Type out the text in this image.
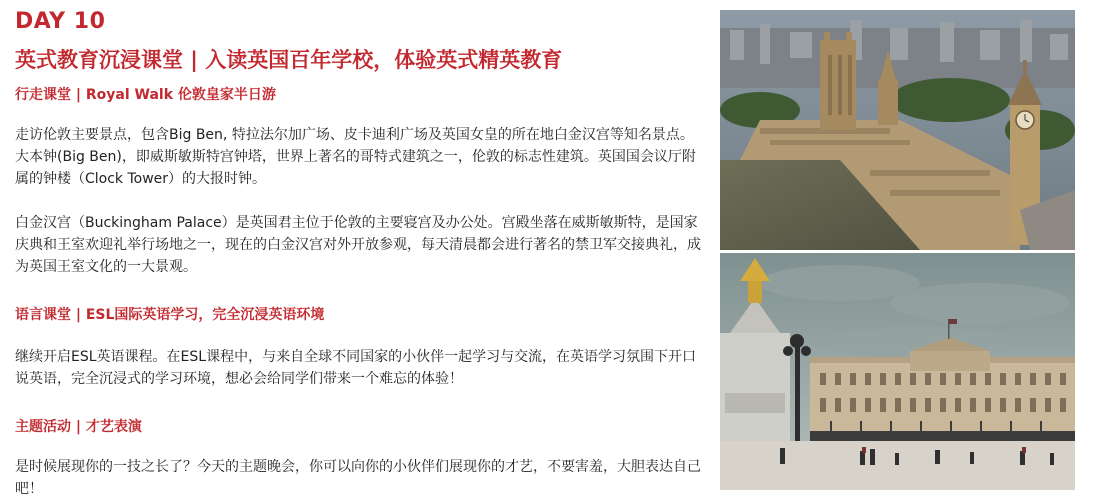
DAY 10
英式教育沉浸课堂 | 入读英国百年学校，体验英式精英教育
行走课堂 | Royal Walk 伦敦皇家半日游
走访伦敦主要景点，包含Big Ben, 特拉法尔加广场、皮卡迪利广场及英国女皇的所在地白金汉宫等知名景点。大本钟(Big Ben)，即威斯敏斯特宫钟塔，世界上著名的哥特式建筑之一，伦敦的标志性建筑。英国国会议厅附属的钟楼（Clock Tower）的大报时钟。
白金汉宫（Buckingham Palace）是英国君主位于伦敦的主要寝宫及办公处。宫殿坐落在威斯敏斯特，是国家庆典和王室欢迎礼举行场地之一，现在的白金汉宫对外开放参观，每天清晨都会进行著名的禁卫军交接典礼，成为英国王室文化的一大景观。
语言课堂 | ESL国际英语学习，完全沉浸英语环境
继续开启ESL英语课程。在ESL课程中，与来自全球不同国家的小伙伴一起学习与交流，在英语学习氛围下开口说英语，完全沉浸式的学习环境，想必会给同学们带来一个难忘的体验！
主题活动 | 才艺表演
是时候展现你的一技之长了？今天的主题晚会，你可以向你的小伙伴们展现你的才艺，不要害羞，大胆表达自己吧！
